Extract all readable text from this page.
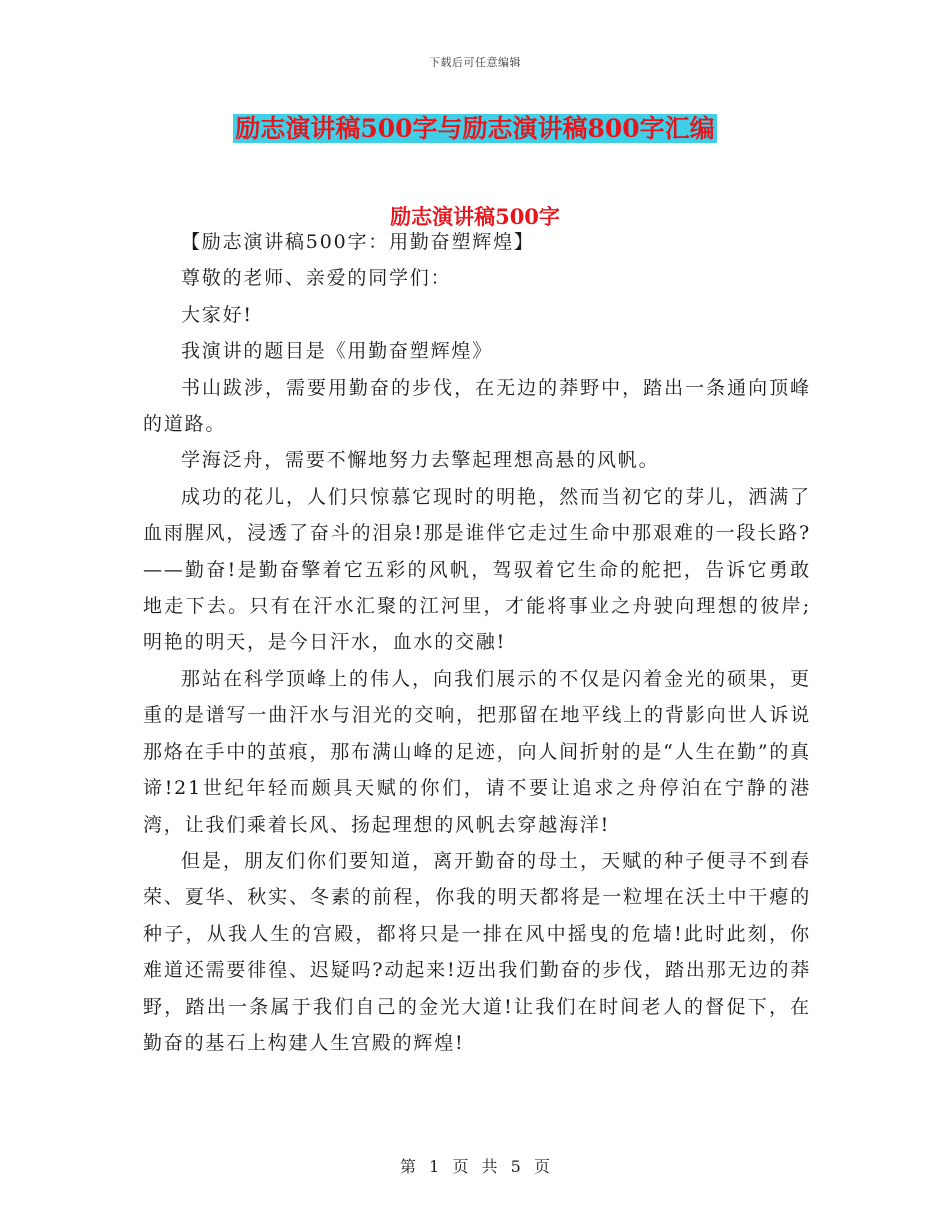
下载后可任意编辑
励志演讲稿500字与励志演讲稿800字汇编
励志演讲稿500字

【励志演讲稿500字：用勤奋塑辉煌】

尊敬的老师、亲爱的同学们：

大家好!

我演讲的题目是《用勤奋塑辉煌》

书山跋涉，需要用勤奋的步伐，在无边的莽野中，踏出一条通向顶峰的道路。

学海泛舟，需要不懈地努力去擎起理想高悬的风帆。

成功的花儿，人们只惊慕它现时的明艳，然而当初它的芽儿，洒满了血雨腥风，浸透了奋斗的泪泉!那是谁伴它走过生命中那艰难的一段长路?——勤奋!是勤奋擎着它五彩的风帆，驾驭着它生命的舵把，告诉它勇敢地走下去。只有在汗水汇聚的江河里，才能将事业之舟驶向理想的彼岸;明艳的明天，是今日汗水，血水的交融!

那站在科学顶峰上的伟人，向我们展示的不仅是闪着金光的硕果，更重的是谱写一曲汗水与泪光的交响，把那留在地平线上的背影向世人诉说那烙在手中的茧痕，那布满山峰的足迹，向人间折射的是“人生在勤”的真谛!21世纪年轻而颇具天赋的你们，请不要让追求之舟停泊在宁静的港湾，让我们乘着长风、扬起理想的风帆去穿越海洋!

但是，朋友们你们要知道，离开勤奋的母土，天赋的种子便寻不到春荣、夏华、秋实、冬素的前程，你我的明天都将是一粒埋在沃土中干瘪的种子，从我人生的宫殿，都将只是一排在风中摇曳的危墙!此时此刻，你难道还需要徘徨、迟疑吗?动起来!迈出我们勤奋的步伐，踏出那无边的莽野，踏出一条属于我们自己的金光大道!让我们在时间老人的督促下，在勤奋的基石上构建人生宫殿的辉煌!

第 1 页 共 5 页
